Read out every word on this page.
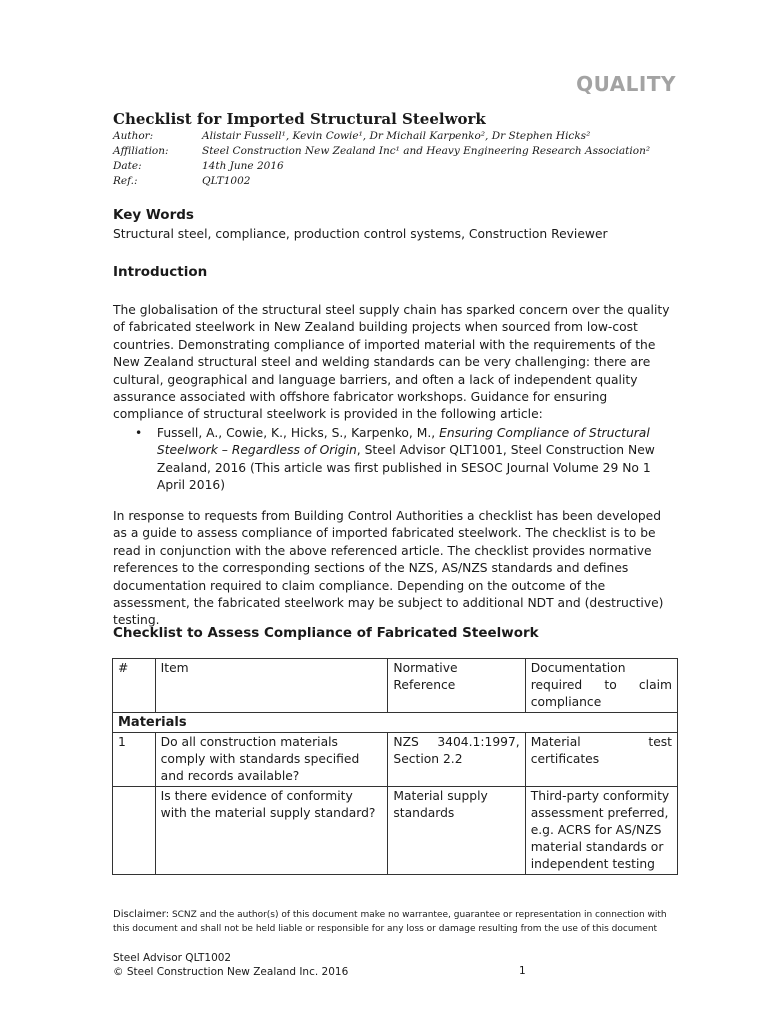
QUALITY
Checklist for Imported Structural Steelwork
Author:	Alistair Fussell¹, Kevin Cowie¹, Dr Michail Karpenko², Dr Stephen Hicks²
Affiliation:	Steel Construction New Zealand Inc¹ and Heavy Engineering Research Association²
Date:	14th June 2016
Ref.:	QLT1002
Key Words

Structural steel, compliance, production control systems, Construction Reviewer

Introduction

The globalisation of the structural steel supply chain has sparked concern over the quality of fabricated steelwork in New Zealand building projects when sourced from low-cost countries. Demonstrating compliance of imported material with the requirements of the New Zealand structural steel and welding standards can be very challenging: there are cultural, geographical and language barriers, and often a lack of independent quality assurance associated with offshore fabricator workshops. Guidance for ensuring compliance of structural steelwork is provided in the following article:

•	Fussell, A., Cowie, K., Hicks, S., Karpenko, M., Ensuring Compliance of Structural Steelwork – Regardless of Origin, Steel Advisor QLT1001, Steel Construction New Zealand, 2016 (This article was first published in SESOC Journal Volume 29 No 1 April 2016)

In response to requests from Building Control Authorities a checklist has been developed as a guide to assess compliance of imported fabricated steelwork. The checklist is to be read in conjunction with the above referenced article. The checklist provides normative references to the corresponding sections of the NZS, AS/NZS standards and defines documentation required to claim compliance. Depending on the outcome of the assessment, the fabricated steelwork may be subject to additional NDT and (destructive) testing.

Checklist to Assess Compliance of Fabricated Steelwork
#	Item	Normative Reference	Documentation required to claim compliance
Materials			
1	Do all construction materials comply with standards specified and records available?	NZS 3404.1:1997, Section 2.2	Material test certificates
	Is there evidence of conformity with the material supply standard?	Material supply standards	Third-party conformity assessment preferred, e.g. ACRS for AS/NZS material standards or independent testing
Disclaimer: SCNZ and the author(s) of this document make no warrantee, guarantee or representation in connection with this document and shall not be held liable or responsible for any loss or damage resulting from the use of this document
Steel Advisor QLT1002
© Steel Construction New Zealand Inc. 2016	1
